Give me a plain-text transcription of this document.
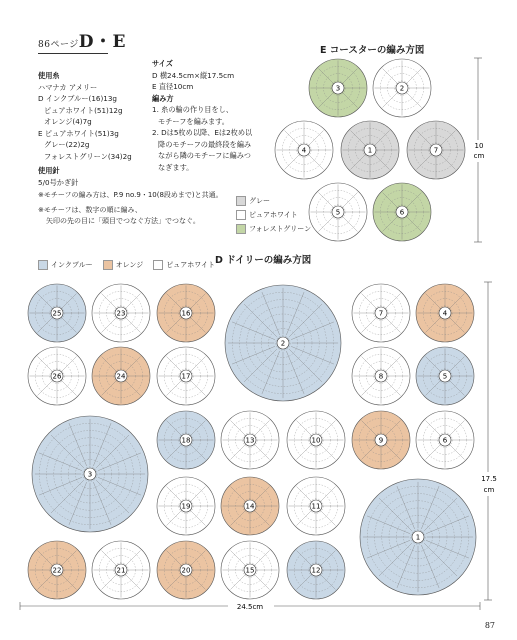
86ページD・E
使用糸
ハマナカ アメリー
D インクブルー(16)13g
ピュアホワイト(51)12g
オレンジ(4)7g
E ピュアホワイト(51)3g
グレー(22)2g
フォレストグリーン(34)2g
使用針
5/0号かぎ針
サイズ
D 横24.5cm×縦17.5cm
E 直径10cm
編み方
1. 糸の輪の作り目をし、
モチーフを編みます。
2. Dは5枚め以降、Eは2枚め以
降のモチーフの最終段を編み
ながら隣のモチーフに編みつ
なぎます。
※モチーフの編み方は、P.9 no.9・10(8段めまで)と共通。
※モチーフは、数字の順に編み、
矢印の先の目に「頭目でつなぐ方法」でつなぐ。
E コースターの編み方図
グレー
ピュアホワイト
フォレストグリーン
D ドイリーの編み方図
インクブルー	オレンジ	ピュアホワイト
3	2
4	1	7
5	6
25	23	16
2
7	4
26	24	17	8	5
3
18	13	10	9	6
19	14	11
1
22	21	20	15	12
10
cm
24.5cm
17.5
cm
87
